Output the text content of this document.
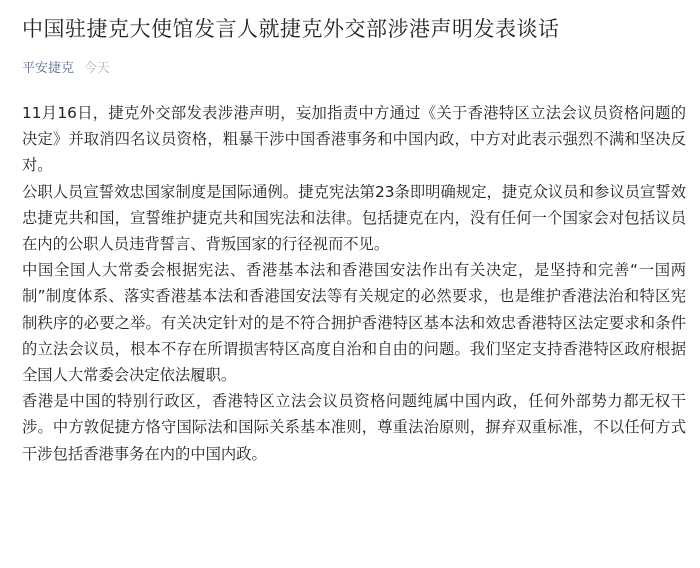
中国驻捷克大使馆发言人就捷克外交部涉港声明发表谈话
平安捷克 今天

11月16日，捷克外交部发表涉港声明，妄加指责中方通过《关于香港特区立法会议员资格问题的决定》并取消四名议员资格，粗暴干涉中国香港事务和中国内政，中方对此表示强烈不满和坚决反对。

公职人员宣誓效忠国家制度是国际通例。捷克宪法第23条即明确规定，捷克众议员和参议员宣誓效忠捷克共和国，宣誓维护捷克共和国宪法和法律。包括捷克在内，没有任何一个国家会对包括议员在内的公职人员违背誓言、背叛国家的行径视而不见。

中国全国人大常委会根据宪法、香港基本法和香港国安法作出有关决定，是坚持和完善“一国两制”制度体系、落实香港基本法和香港国安法等有关规定的必然要求，也是维护香港法治和特区宪制秩序的必要之举。有关决定针对的是不符合拥护香港特区基本法和效忠香港特区法定要求和条件的立法会议员，根本不存在所谓损害特区高度自治和自由的问题。我们坚定支持香港特区政府根据全国人大常委会决定依法履职。

香港是中国的特别行政区，香港特区立法会议员资格问题纯属中国内政，任何外部势力都无权干涉。中方敦促捷方恪守国际法和国际关系基本准则，尊重法治原则，摒弃双重标准，不以任何方式干涉包括香港事务在内的中国内政。
